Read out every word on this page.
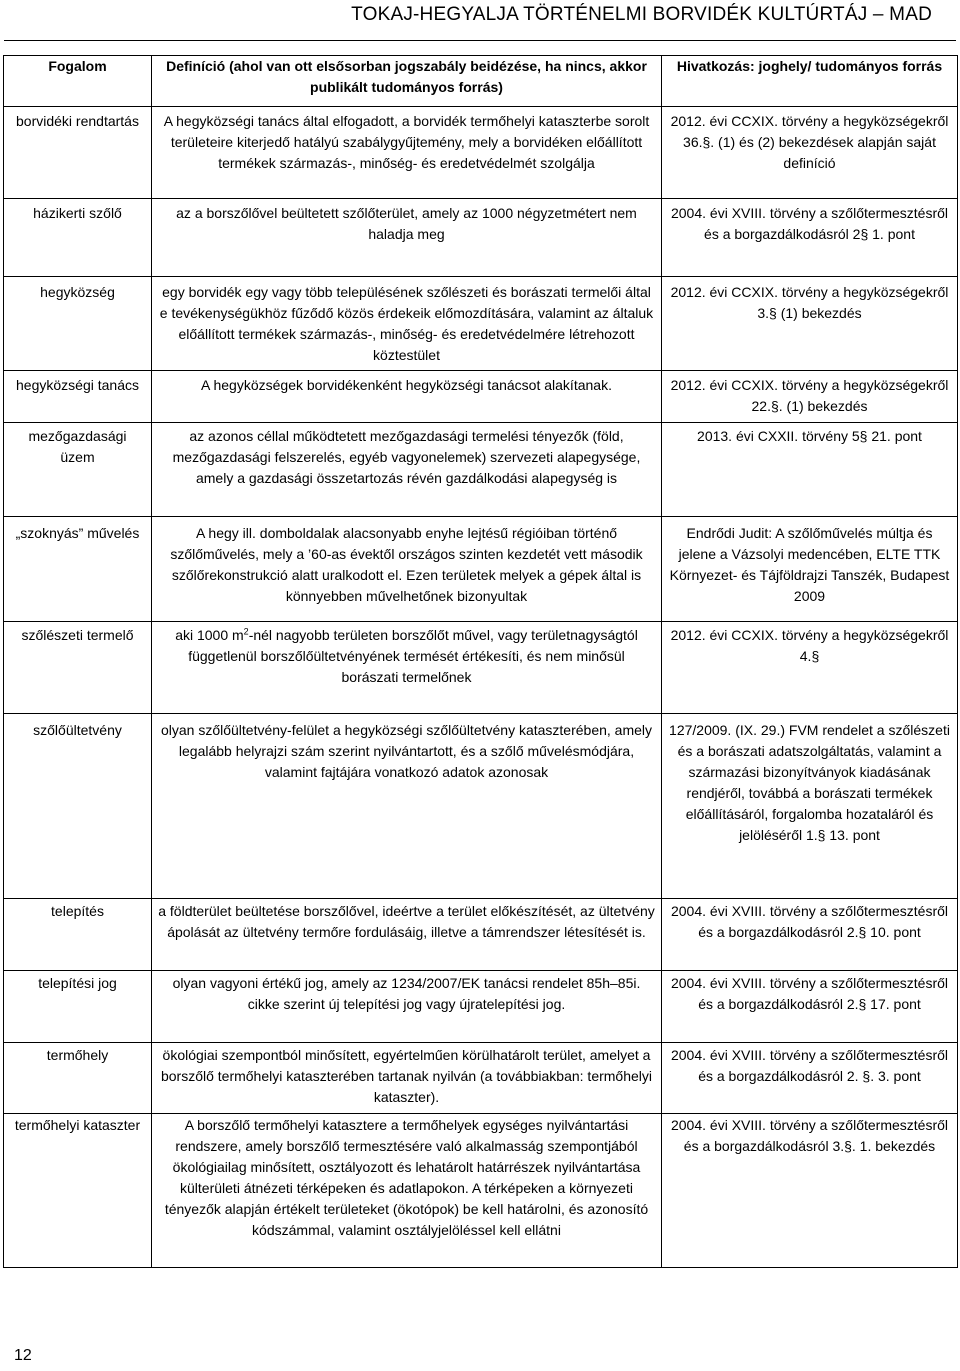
TOKAJ-HEGYALJA TÖRTÉNELMI BORVIDÉK KULTÚRTÁJ – MAD
Fogalom	Definíció (ahol van ott elsősorban jogszabály beidézése, ha nincs, akkor publikált tudományos forrás)	Hivatkozás: joghely/ tudományos forrás
borvidéki rendtartás	A hegyközségi tanács által elfogadott, a borvidék termőhelyi kataszterbe sorolt területeire kiterjedő hatályú szabálygyűjtemény, mely a borvidéken előállított termékek származás-, minőség- és eredetvédelmét szolgálja	2012. évi CCXIX. törvény a hegyközségekről 36.§. (1) és (2) bekezdések alapján saját definíció
házikerti szőlő	az a borszőlővel beültetett szőlőterület, amely az 1000 négyzetmétert nem haladja meg	2004. évi XVIII. törvény a szőlőtermesztésről és a borgazdálkodásról 2§ 1. pont
hegyközség	egy borvidék egy vagy több településének szőlészeti és borászati termelői által e tevékenységükhöz fűződő közös érdekeik előmozdítására, valamint az általuk előállított termékek származás-, minőség- és eredetvédelmére létrehozott köztestület	2012. évi CCXIX. törvény a hegyközségekről 3.§ (1) bekezdés
hegyközségi tanács	A hegyközségek borvidékenként hegyközségi tanácsot alakítanak.	2012. évi CCXIX. törvény a hegyközségekről 22.§. (1) bekezdés
mezőgazdasági üzem	az azonos céllal működtetett mezőgazdasági termelési tényezők (föld, mezőgazdasági felszerelés, egyéb vagyonelemek) szervezeti alapegysége, amely a gazdasági összetartozás révén gazdálkodási alapegység is	2013. évi CXXII. törvény 5§ 21. pont
„szoknyás” művelés	A hegy ill. domboldalak alacsonyabb enyhe lejtésű régióiban történő szőlőművelés, mely a ’60-as évektől országos szinten kezdetét vett második szőlőrekonstrukció alatt uralkodott el. Ezen területek melyek a gépek által is könnyebben művelhetőnek bizonyultak	Endrődi Judit: A szőlőművelés múltja és jelene a Vázsolyi medencében, ELTE TTK Környezet- és Tájföldrajzi Tanszék, Budapest 2009
szőlészeti termelő	aki 1000 $m^2$-nél nagyobb területen borszőlőt művel, vagy területnagyságtól függetlenül borszőlőültetvényének termését értékesíti, és nem minősül borászati termelőnek	2012. évi CCXIX. törvény a hegyközségekről 4.§
szőlőültetvény	olyan szőlőültetvény-felület a hegyközségi szőlőültetvény kataszterében, amely legalább helyrajzi szám szerint nyilvántartott, és a szőlő művelésmódjára, valamint fajtájára vonatkozó adatok azonosak	127/2009. (IX. 29.) FVM rendelet a szőlészeti és a borászati adatszolgáltatás, valamint a származási bizonyítványok kiadásának rendjéről, továbbá a borászati termékek előállításáról, forgalomba hozataláról és jelöléséről 1.§ 13. pont
telepítés	a földterület beültetése borszőlővel, ideértve a terület előkészítését, az ültetvény ápolását az ültetvény termőre fordulásáig, illetve a támrendszer létesítését is.	2004. évi XVIII. törvény a szőlőtermesztésről és a borgazdálkodásról 2.§ 10. pont
telepítési jog	olyan vagyoni értékű jog, amely az 1234/2007/EK tanácsi rendelet 85h–85i. cikke szerint új telepítési jog vagy újratelepítési jog.	2004. évi XVIII. törvény a szőlőtermesztésről és a borgazdálkodásról 2.§ 17. pont
termőhely	ökológiai szempontból minősített, egyértelműen körülhatárolt terület, amelyet a borszőlő termőhelyi kataszterében tartanak nyilván (a továbbiakban: termőhelyi kataszter).	2004. évi XVIII. törvény a szőlőtermesztésről és a borgazdálkodásról 2. §. 3. pont
termőhelyi kataszter	A borszőlő termőhelyi katasztere a termőhelyek egységes nyilvántartási rendszere, amely borszőlő termesztésére való alkalmasság szempontjából ökológiailag minősített, osztályozott és lehatárolt határrészek nyilvántartása külterületi átnézeti térképeken és adatlapokon. A térképeken a környezeti tényezők alapján értékelt területeket (ökotópok) be kell határolni, és azonosító kódszámmal, valamint osztályjelöléssel kell ellátni	2004. évi XVIII. törvény a szőlőtermesztésről és a borgazdálkodásról 3.§. 1. bekezdés
12
